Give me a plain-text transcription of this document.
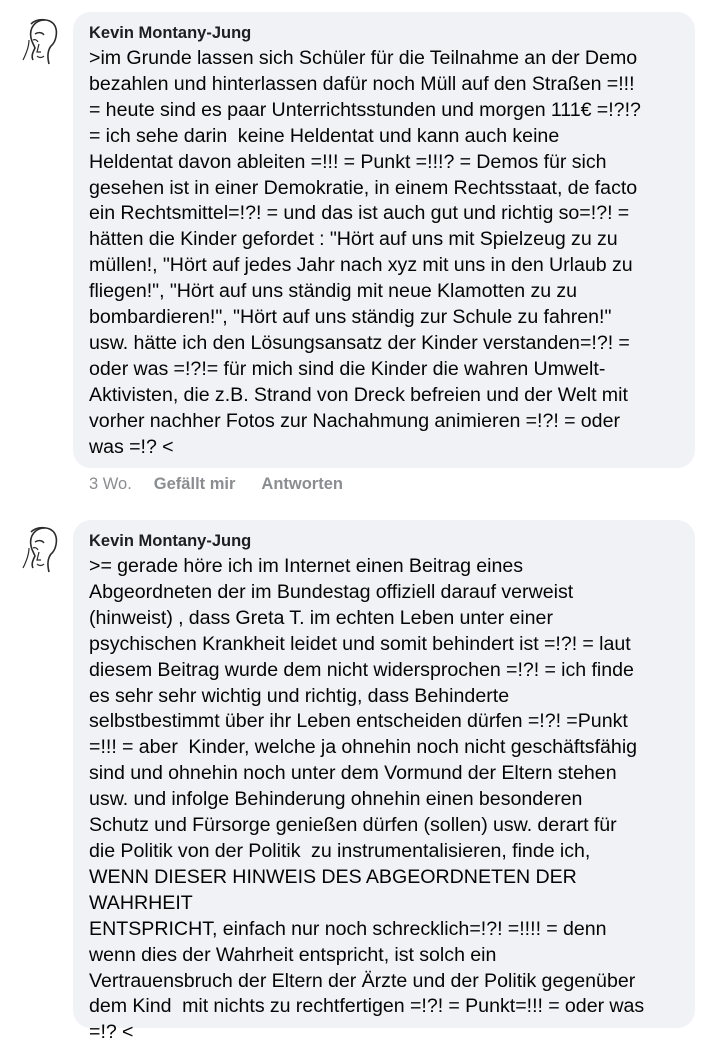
Kevin Montany-Jung
>im Grunde lassen sich Schüler für die Teilnahme an der Demo
bezahlen und hinterlassen dafür noch Müll auf den Straßen =!!!
= heute sind es paar Unterrichtsstunden und morgen 111€ =!?!?
= ich sehe darin  keine Heldentat und kann auch keine
Heldentat davon ableiten =!!! = Punkt =!!!? = Demos für sich
gesehen ist in einer Demokratie, in einem Rechtsstaat, de facto
ein Rechtsmittel=!?! = und das ist auch gut und richtig so=!?! =
hätten die Kinder gefordet : "Hört auf uns mit Spielzeug zu zu
müllen!, "Hört auf jedes Jahr nach xyz mit uns in den Urlaub zu
fliegen!", "Hört auf uns ständig mit neue Klamotten zu zu
bombardieren!", "Hört auf uns ständig zur Schule zu fahren!"
usw. hätte ich den Lösungsansatz der Kinder verstanden=!?! =
oder was =!?!= für mich sind die Kinder die wahren Umwelt-
Aktivisten, die z.B. Strand von Dreck befreien und der Welt mit
vorher nachher Fotos zur Nachahmung animieren =!?! = oder
was =!? <
3 Wo. Gefällt mir Antworten
Kevin Montany-Jung
>= gerade höre ich im Internet einen Beitrag eines
Abgeordneten der im Bundestag offiziell darauf verweist
(hinweist) , dass Greta T. im echten Leben unter einer
psychischen Krankheit leidet und somit behindert ist =!?! = laut
diesem Beitrag wurde dem nicht widersprochen =!?! = ich finde
es sehr sehr wichtig und richtig, dass Behinderte
selbstbestimmt über ihr Leben entscheiden dürfen =!?! =Punkt
=!!! = aber  Kinder, welche ja ohnehin noch nicht geschäftsfähig
sind und ohnehin noch unter dem Vormund der Eltern stehen
usw. und infolge Behinderung ohnehin einen besonderen
Schutz und Fürsorge genießen dürfen (sollen) usw. derart für
die Politik von der Politik  zu instrumentalisieren, finde ich,
WENN DIESER HINWEIS DES ABGEORDNETEN DER WAHRHEIT
ENTSPRICHT, einfach nur noch schrecklich=!?! =!!!! = denn
wenn dies der Wahrheit entspricht, ist solch ein
Vertrauensbruch der Eltern der Ärzte und der Politik gegenüber
dem Kind  mit nichts zu rechtfertigen =!?! = Punkt=!!! = oder was
=!? <
